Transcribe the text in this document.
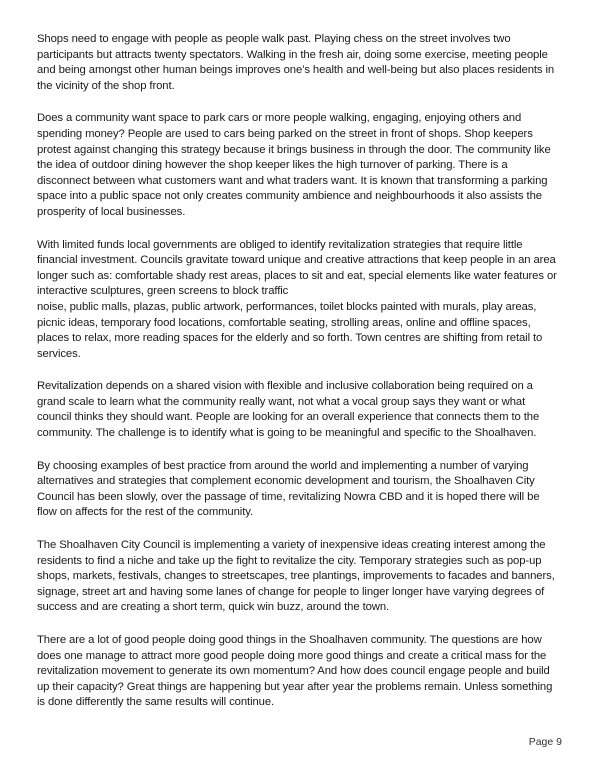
Shops need to engage with people as people walk past. Playing chess on the street involves two participants but attracts twenty spectators. Walking in the fresh air, doing some exercise, meeting people and being amongst other human beings improves one’s health and well-being but also places residents in the vicinity of the shop front.

Does a community want space to park cars or more people walking, engaging, enjoying others and spending money? People are used to cars being parked on the street in front of shops. Shop keepers protest against changing this strategy because it brings business in through the door. The community like the idea of outdoor dining however the shop keeper likes the high turnover of parking. There is a disconnect between what customers want and what traders want. It is known that transforming a parking space into a public space not only creates community ambience and neighbourhoods it also assists the prosperity of local businesses.

With limited funds local governments are obliged to identify revitalization strategies that require little financial investment. Councils gravitate toward unique and creative attractions that keep people in an area longer such as: comfortable shady rest areas, places to sit and eat, special elements like water features or interactive sculptures, green screens to block traffic
noise, public malls, plazas, public artwork, performances, toilet blocks painted with murals, play areas, picnic ideas, temporary food locations, comfortable seating, strolling areas, online and offline spaces, places to relax, more reading spaces for the elderly and so forth. Town centres are shifting from retail to services.

Revitalization depends on a shared vision with flexible and inclusive collaboration being required on a grand scale to learn what the community really want, not what a vocal group says they want or what council thinks they should want. People are looking for an overall experience that connects them to the community. The challenge is to identify what is going to be meaningful and specific to the Shoalhaven.

By choosing examples of best practice from around the world and implementing a number of varying alternatives and strategies that complement economic development and tourism, the Shoalhaven City Council has been slowly, over the passage of time, revitalizing Nowra CBD and it is hoped there will be flow on affects for the rest of the community.

The Shoalhaven City Council is implementing a variety of inexpensive ideas creating interest among the residents to find a niche and take up the fight to revitalize the city. Temporary strategies such as pop-up shops, markets, festivals, changes to streetscapes, tree plantings, improvements to facades and banners, signage, street art and having some lanes of change for people to linger longer have varying degrees of success and are creating a short term, quick win buzz, around the town.

There are a lot of good people doing good things in the Shoalhaven community. The questions are how does one manage to attract more good people doing more good things and create a critical mass for the revitalization movement to generate its own momentum? And how does council engage people and build up their capacity? Great things are happening but year after year the problems remain. Unless something is done differently the same results will continue.

Page 9
